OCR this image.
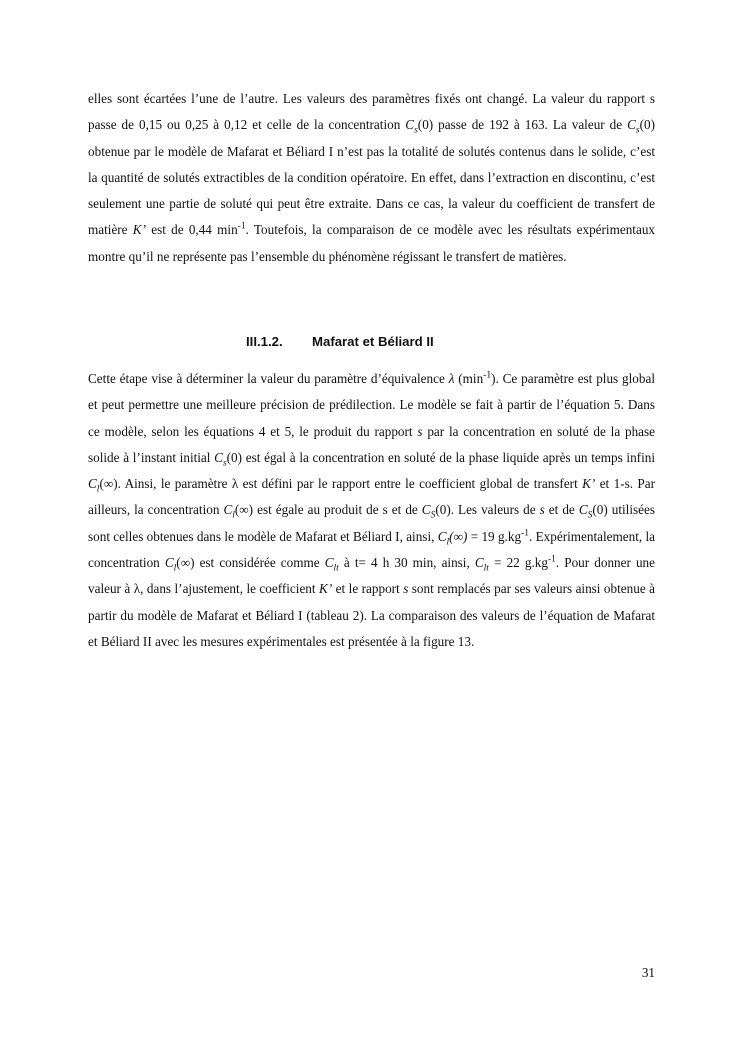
elles sont écartées l’une de l’autre. Les valeurs des paramètres fixés ont changé. La valeur du rapport s passe de 0,15 ou 0,25 à 0,12 et celle de la concentration $C_s(0)$ passe de 192 à 163. La valeur de $C_s(0)$ obtenue par le modèle de Mafarat et Béliard I n’est pas la totalité de solutés contenus dans le solide, c’est la quantité de solutés extractibles de la condition opératoire. En effet, dans l’extraction en discontinu, c’est seulement une partie de soluté qui peut être extraite. Dans ce cas, la valeur du coefficient de transfert de matière K’ est de 0,44 $\min^{-1}$. Toutefois, la comparaison de ce modèle avec les résultats expérimentaux montre qu’il ne représente pas l’ensemble du phénomène régissant le transfert de matières.

III.1.2. Mafarat et Béliard II

Cette étape vise à déterminer la valeur du paramètre d’équivalence λ $(\min^{-1})$. Ce paramètre est plus global et peut permettre une meilleure précision de prédilection. Le modèle se fait à partir de l’équation 5. Dans ce modèle, selon les équations 4 et 5, le produit du rapport s par la concentration en soluté de la phase solide à l’instant initial $C_s(0)$ est égal à la concentration en soluté de la phase liquide après un temps infini $C_l(\infty)$. Ainsi, le paramètre λ est défini par le rapport entre le coefficient global de transfert K’ et 1-s. Par ailleurs, la concentration $C_l(\infty)$ est égale au produit de s et de $C_S(0)$. Les valeurs de s et de $C_S(0)$ utilisées sont celles obtenues dans le modèle de Mafarat et Béliard I, ainsi, $C_l(\infty) = 19$ $g.kg^{-1}$. Expérimentalement, la concentration $C_l(\infty)$ est considérée comme $C_{lt}$ à t= 4 h 30 min, ainsi, $C_{lt} = 22$ $g.kg^{-1}$. Pour donner une valeur à λ, dans l’ajustement, le coefficient K’ et le rapport s sont remplacés par ses valeurs ainsi obtenue à partir du modèle de Mafarat et Béliard I (tableau 2). La comparaison des valeurs de l’équation de Mafarat et Béliard II avec les mesures expérimentales est présentée à la figure 13.

31
